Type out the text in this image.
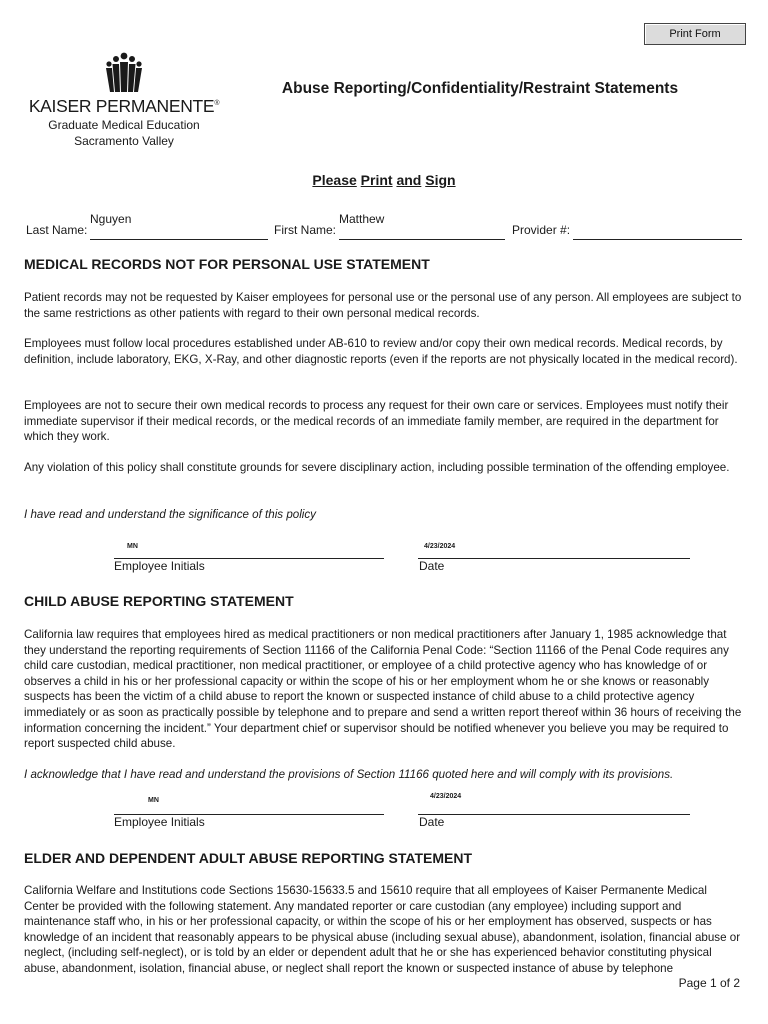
Print Form
KAISER PERMANENTE®
Graduate Medical Education
Sacramento Valley
Abuse Reporting/Confidentiality/Restraint Statements
Please Print and Sign
Last Name:
Nguyen
First Name:
Matthew
Provider #:
MEDICAL RECORDS NOT FOR PERSONAL USE STATEMENT

Patient records may not be requested by Kaiser employees for personal use or the personal use of any person. All employees are subject to the same restrictions as other patients with regard to their own personal medical records.

Employees must follow local procedures established under AB-610 to review and/or copy their own medical records. Medical records, by definition, include laboratory, EKG, X-Ray, and other diagnostic reports (even if the reports are not physically located in the medical record).

Employees are not to secure their own medical records to process any request for their own care or services. Employees must notify their immediate supervisor if their medical records, or the medical records of an immediate family member, are required in the department for which they work.

Any violation of this policy shall constitute grounds for severe disciplinary action, including possible termination of the offending employee.

I have read and understand the significance of this policy

MN
Employee Initials
4/23/2024
Date
CHILD ABUSE REPORTING STATEMENT

California law requires that employees hired as medical practitioners or non medical practitioners after January 1, 1985 acknowledge that they understand the reporting requirements of Section 11166 of the California Penal Code: “Section 11166 of the Penal Code requires any child care custodian, medical practitioner, non medical practitioner, or employee of a child protective agency who has knowledge of or observes a child in his or her professional capacity or within the scope of his or her employment whom he or she knows or reasonably suspects has been the victim of a child abuse to report the known or suspected instance of child abuse to a child protective agency immediately or as soon as practically possible by telephone and to prepare and send a written report thereof within 36 hours of receiving the information concerning the incident.” Your department chief or supervisor should be notified whenever you believe you may be required to report suspected child abuse.

I acknowledge that I have read and understand the provisions of Section 11166 quoted here and will comply with its provisions.

MN
Employee Initials
4/23/2024
Date
ELDER AND DEPENDENT ADULT ABUSE REPORTING STATEMENT

California Welfare and Institutions code Sections 15630-15633.5 and 15610 require that all employees of Kaiser Permanente Medical Center be provided with the following statement. Any mandated reporter or care custodian (any employee) including support and maintenance staff who, in his or her professional capacity, or within the scope of his or her employment has observed, suspects or has knowledge of an incident that reasonably appears to be physical abuse (including sexual abuse), abandonment, isolation, financial abuse or neglect, (including self-neglect), or is told by an elder or dependent adult that he or she has experienced behavior constituting physical abuse, abandonment, isolation, financial abuse, or neglect shall report the known or suspected instance of abuse by telephone

Page 1 of 2
